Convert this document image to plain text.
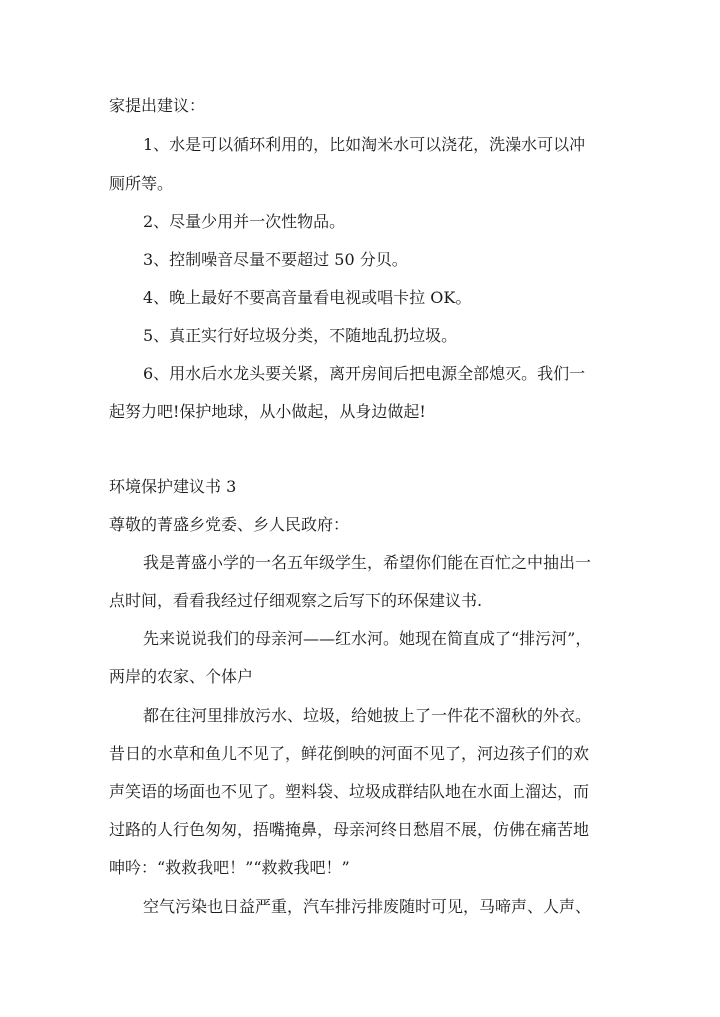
家提出建议：
1、水是可以循环利用的，比如淘米水可以浇花，洗澡水可以冲
厕所等。
2、尽量少用并一次性物品。
3、控制噪音尽量不要超过 50 分贝。
4、晚上最好不要高音量看电视或唱卡拉 OK。
5、真正实行好垃圾分类，不随地乱扔垃圾。
6、用水后水龙头要关紧，离开房间后把电源全部熄灭。我们一
起努力吧!保护地球，从小做起，从身边做起!
环境保护建议书 3
尊敬的菁盛乡党委、乡人民政府：
我是菁盛小学的一名五年级学生，希望你们能在百忙之中抽出一
点时间，看看我经过仔细观察之后写下的环保建议书.
先来说说我们的母亲河——红水河。她现在简直成了“排污河”，
两岸的农家、个体户
都在往河里排放污水、垃圾，给她披上了一件花不溜秋的外衣。
昔日的水草和鱼儿不见了，鲜花倒映的河面不见了，河边孩子们的欢
声笑语的场面也不见了。塑料袋、垃圾成群结队地在水面上溜达，而
过路的人行色匆匆，捂嘴掩鼻，母亲河终日愁眉不展，仿佛在痛苦地
呻吟：“救救我吧！”“救救我吧！”
空气污染也日益严重，汽车排污排废随时可见，马啼声、人声、
